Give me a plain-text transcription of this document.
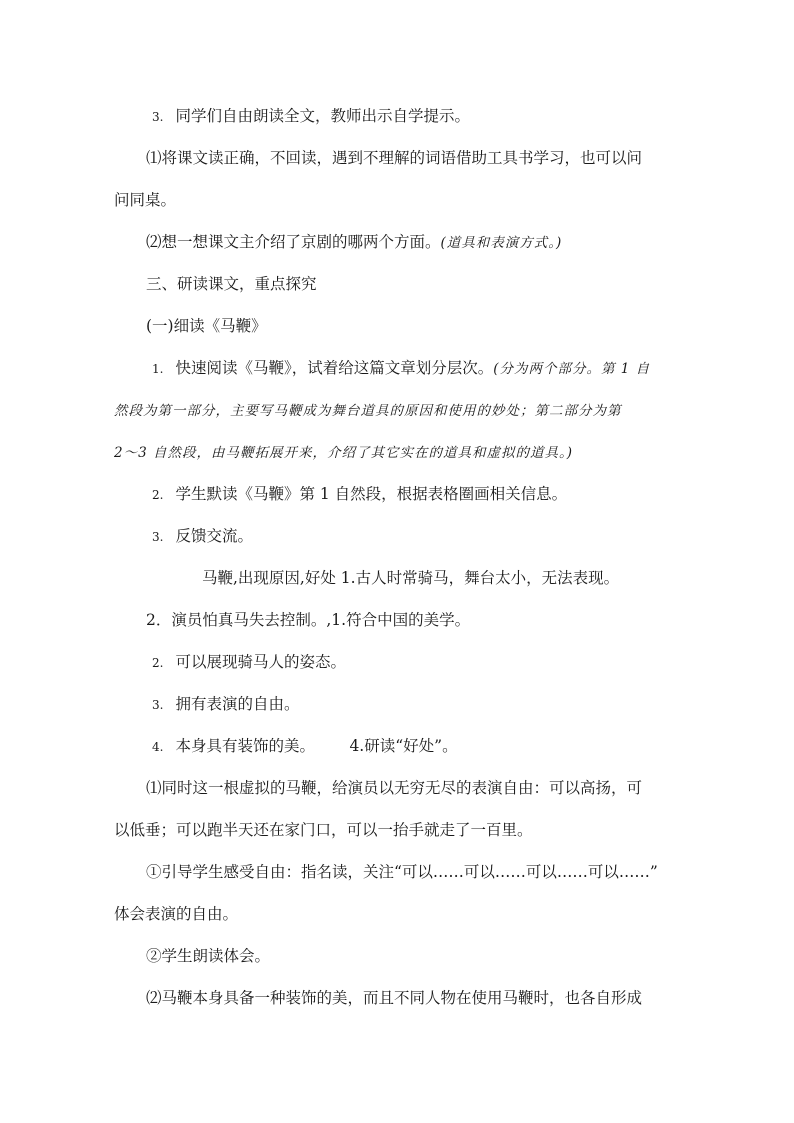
3. 同学们自由朗读全文，教师出示自学提示。
⑴将课文读正确，不回读，遇到不理解的词语借助工具书学习，也可以问
问同桌。
⑵想一想课文主介绍了京剧的哪两个方面。(道具和表演方式。)
三、研读课文，重点探究
(一)细读《马鞭》
1. 快速阅读《马鞭》，试着给这篇文章划分层次。(分为两个部分。第 1 自
然段为第一部分，主要写马鞭成为舞台道具的原因和使用的妙处；第二部分为第
2～3 自然段，由马鞭拓展开来，介绍了其它实在的道具和虚拟的道具。)
2. 学生默读《马鞭》第 1 自然段，根据表格圈画相关信息。
3. 反馈交流。
马鞭,出现原因,好处 1.古人时常骑马，舞台太小，无法表现。
2．演员怕真马失去控制。,1.符合中国的美学。
2. 可以展现骑马人的姿态。
3. 拥有表演的自由。
4. 本身具有装饰的美。       4.研读“好处”。
⑴同时这一根虚拟的马鞭，给演员以无穷无尽的表演自由：可以高扬，可
以低垂；可以跑半天还在家门口，可以一抬手就走了一百里。
①引导学生感受自由：指名读，关注“可以……可以……可以……可以……”
体会表演的自由。
②学生朗读体会。
⑵马鞭本身具备一种装饰的美，而且不同人物在使用马鞭时，也各自形成
